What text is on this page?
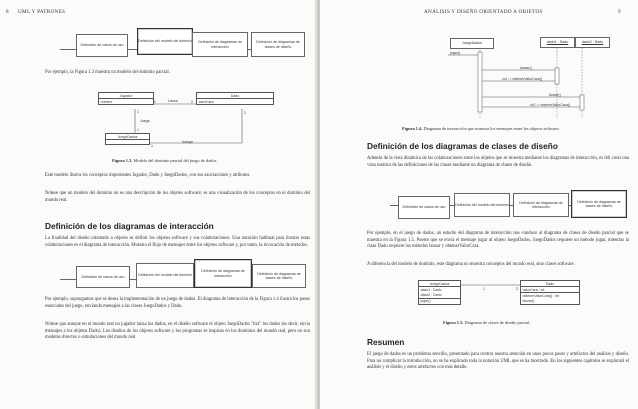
8 UML Y PATRONES
Definición de casos de uso
Definición del modelo del dominio	Definición de diagramas de interacción
Definición de diagramas de clases de diseño
Por ejemplo, la Figura 1.3 muestra un modelo del dominio parcial.
Jugador
nombre
Dado
valorCara
JuegoDados
Lanza
1	2
Juega
1
1
Incluye
1
2
Figura 1.3. Modelo del dominio parcial del juego de dados.
Este modelo ilustra los conceptos importantes Jugador, Dado y JuegoDados, con sus asociaciones y atributos.
Nótese que un modelo del dominio no es una descripción de los objetos software; es una visualización de los conceptos en el dominio del mundo real.
Definición de los diagramas de interacción
La finalidad del diseño orientado a objetos es definir los objetos software y sus colaboraciones. Una notación habitual para ilustrar estas colaboraciones es el diagrama de interacción. Muestra el flujo de mensajes entre los objetos software y, por tanto, la invocación de métodos.
Definición de casos de uso	Definición del modelo del dominio
Definición de diagramas de interacción	Definición de diagramas de clases de diseño
Por ejemplo, supongamos que se desea la implementación de un juego de dados. El diagrama de interacción de la Figura 1.4 ilustra los pasos esenciales del juego, enviando mensajes a las clases JuegoDados y Dado.
Nótese que aunque en el mundo real un jugador lanza los dados, en el diseño software el objeto JuegoDados "tira" los dados (es decir, envía mensajes a los objetos Dado). Los diseños de los objetos software y los programas se inspiran en los dominios del mundo real, pero no son modelos directos o simulaciones del mundo real.
ANÁLISIS Y DISEÑO ORIENTADO A OBJETOS	9
JuegoDados	dado1 : Dado	dado2 : Dado
jugar()
lanzar()
vc1 := obtenerValorCara()
lanzar()
vc2 := obtenerValorCara()
Figura 1.4. Diagrama de interacción que muestra los mensajes entre los objetos software.
Definición de los diagramas de clases de diseño
Además de la vista dinámica de las colaboraciones entre los objetos que se muestra mediante los diagramas de interacción, es útil crear una vista estática de las definiciones de las clases mediante un diagrama de clases de diseño.
Definición de casos de uso
Definición del modelo del dominio
Definición de diagramas de interacción
Definición de diagramas de clases de diseño
Por ejemplo, en el juego de dados, un estudio del diagrama de interacción nos conduce al diagrama de clases de diseño parcial que se muestra en la Figura 1.5. Puesto que se envía el mensaje jugar al objeto JuegoDados, JuegoDados requiere un método jugar, mientras la clase Dado requiere los métodos lanzar y obtenerValorCara.
A diferencia del modelo de dominio, este diagrama no muestra conceptos del mundo real, sino clases software.
JuegoDados
dado1 : Dado
dado2 : Dado
jugar()
Dado
valorCara : int
obtenerValorCara() : int
lanzar()
1	2
Figura 1.5. Diagrama de clases de diseño parcial.
Resumen
El juego de dados es un problema sencillo, presentado para centrar nuestra atención en unos pocos pasos y artefactos del análisis y diseño. Para no complicar la introducción, no se ha explicado toda la notación UML que se ha mostrado. En los siguientes capítulos se explorará el análisis y el diseño y estos artefactos con más detalle.
